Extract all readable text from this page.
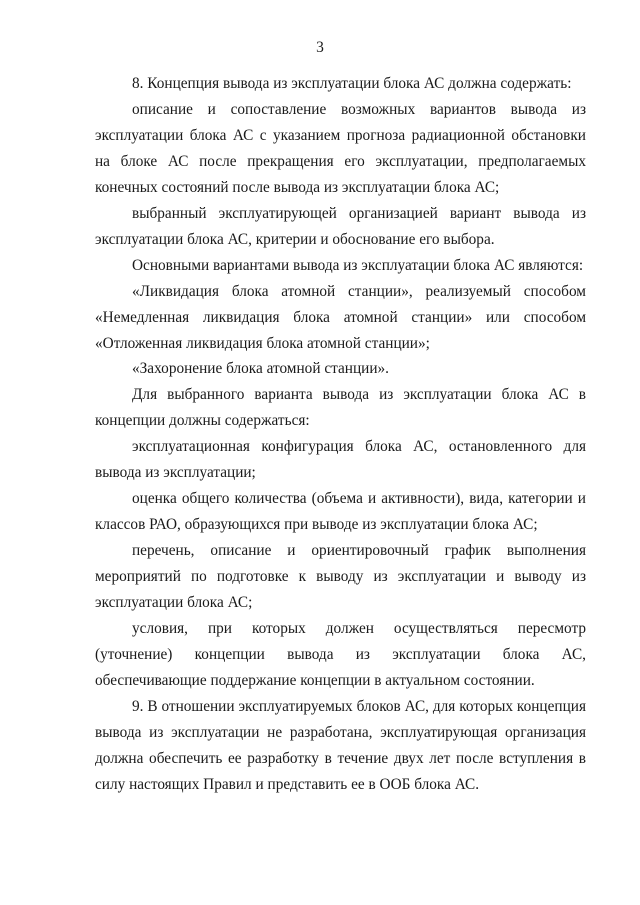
3

8. Концепция вывода из эксплуатации блока АС должна содержать:

описание и сопоставление возможных вариантов вывода из эксплуатации блока АС с указанием прогноза радиационной обстановки на блоке АС после прекращения его эксплуатации, предполагаемых конечных состояний после вывода из эксплуатации блока АС;

выбранный эксплуатирующей организацией вариант вывода из эксплуатации блока АС, критерии и обоснование его выбора.

Основными вариантами вывода из эксплуатации блока АС являются:

«Ликвидация блока атомной станции», реализуемый способом «Немедленная ликвидация блока атомной станции» или способом «Отложенная ликвидация блока атомной станции»;

«Захоронение блока атомной станции».

Для выбранного варианта вывода из эксплуатации блока АС в концепции должны содержаться:

эксплуатационная конфигурация блока АС, остановленного для вывода из эксплуатации;

оценка общего количества (объема и активности), вида, категории и классов РАО, образующихся при выводе из эксплуатации блока АС;

перечень, описание и ориентировочный график выполнения мероприятий по подготовке к выводу из эксплуатации и выводу из эксплуатации блока АС;

условия, при которых должен осуществляться пересмотр (уточнение) концепции вывода из эксплуатации блока АС, обеспечивающие поддержание концепции в актуальном состоянии.

9. В отношении эксплуатируемых блоков АС, для которых концепция вывода из эксплуатации не разработана, эксплуатирующая организация должна обеспечить ее разработку в течение двух лет после вступления в силу настоящих Правил и представить ее в ООБ блока АС.
